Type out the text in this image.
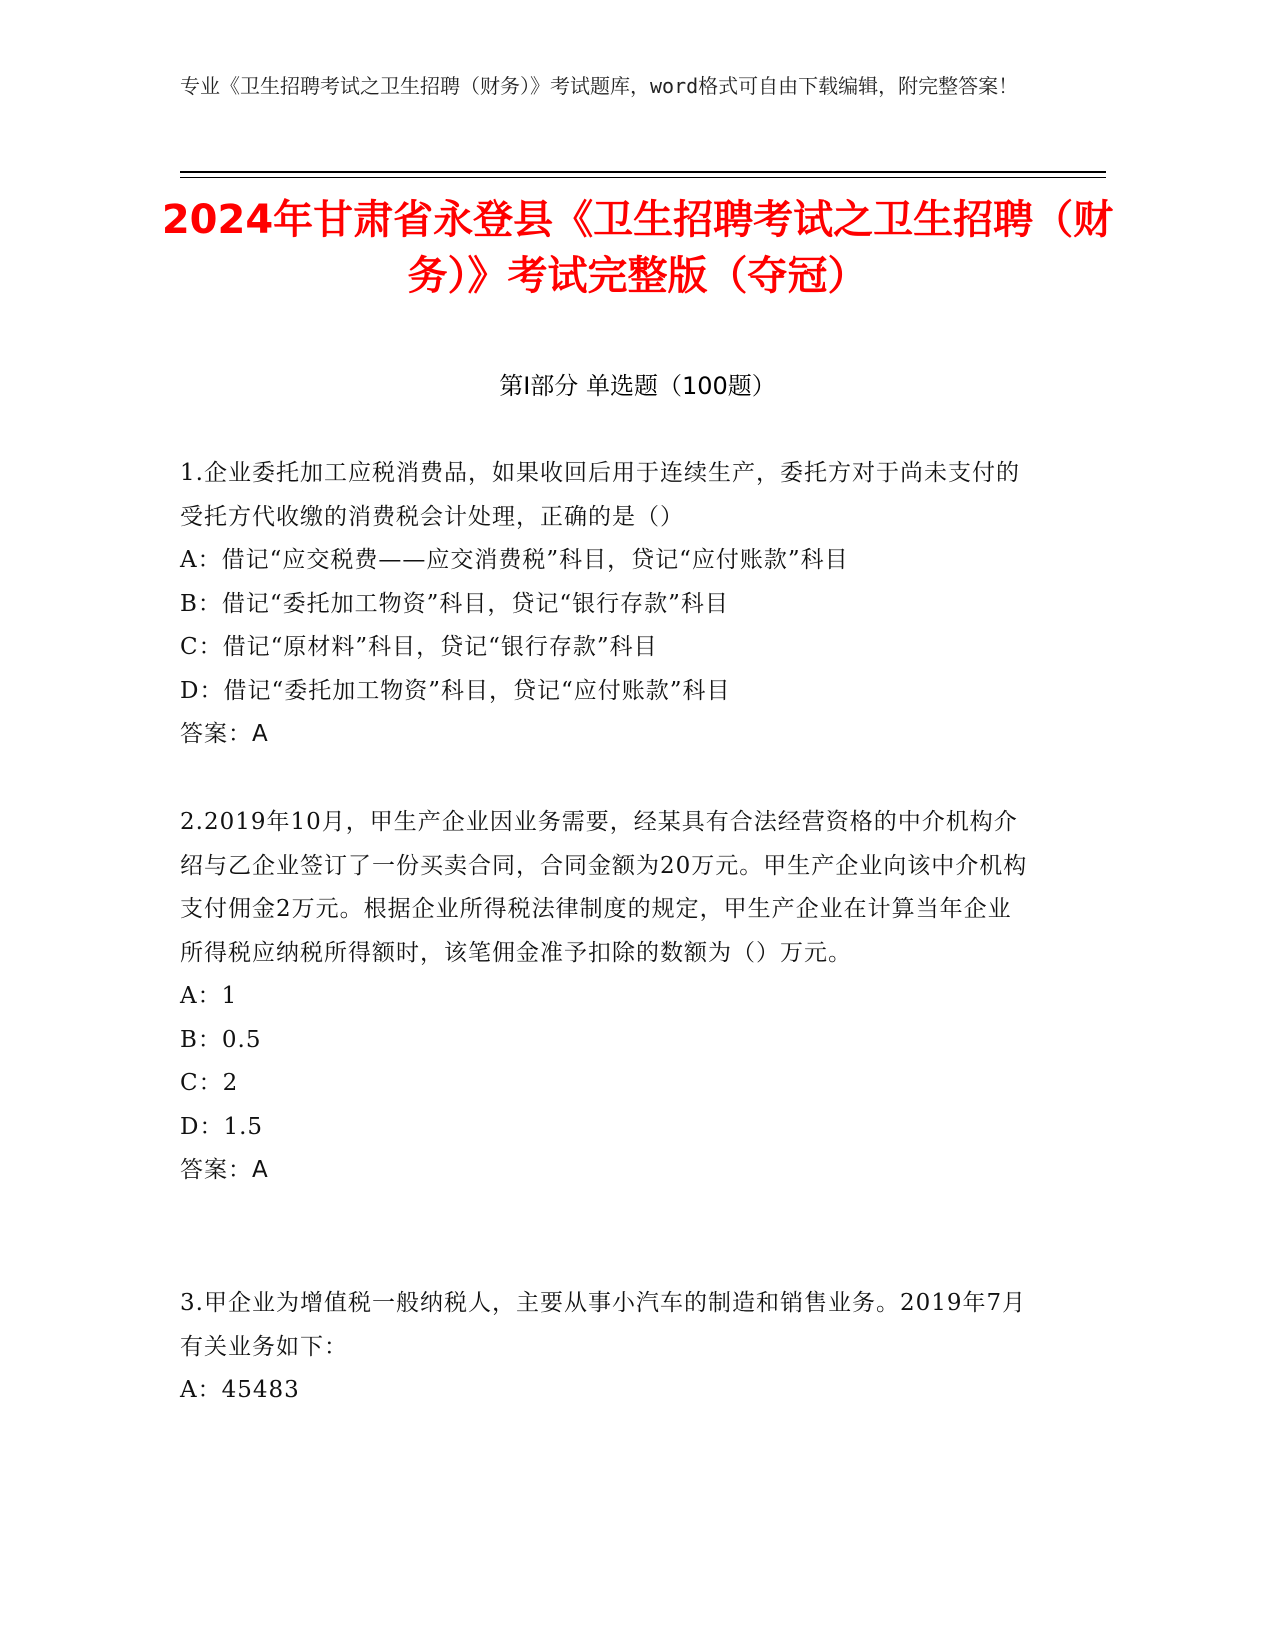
专业《卫生招聘考试之卫生招聘（财务）》考试题库，word格式可自由下载编辑，附完整答案！
2024年甘肃省永登县《卫生招聘考试之卫生招聘（财务）》考试完整版（夺冠）
第I部分 单选题（100题）

1.企业委托加工应税消费品，如果收回后用于连续生产，委托方对于尚未支付的受托方代收缴的消费税会计处理，正确的是（）

A：借记“应交税费——应交消费税”科目，贷记“应付账款”科目

B：借记“委托加工物资”科目，贷记“银行存款”科目

C：借记“原材料”科目，贷记“银行存款”科目

D：借记“委托加工物资”科目，贷记“应付账款”科目

答案：A

2.2019年10月，甲生产企业因业务需要，经某具有合法经营资格的中介机构介绍与乙企业签订了一份买卖合同，合同金额为20万元。甲生产企业向该中介机构支付佣金2万元。根据企业所得税法律制度的规定，甲生产企业在计算当年企业所得税应纳税所得额时，该笔佣金准予扣除的数额为（）万元。

A：1

B：0.5

C：2

D：1.5

答案：A

3.甲企业为增值税一般纳税人，主要从事小汽车的制造和销售业务。2019年7月有关业务如下：

A：45483
